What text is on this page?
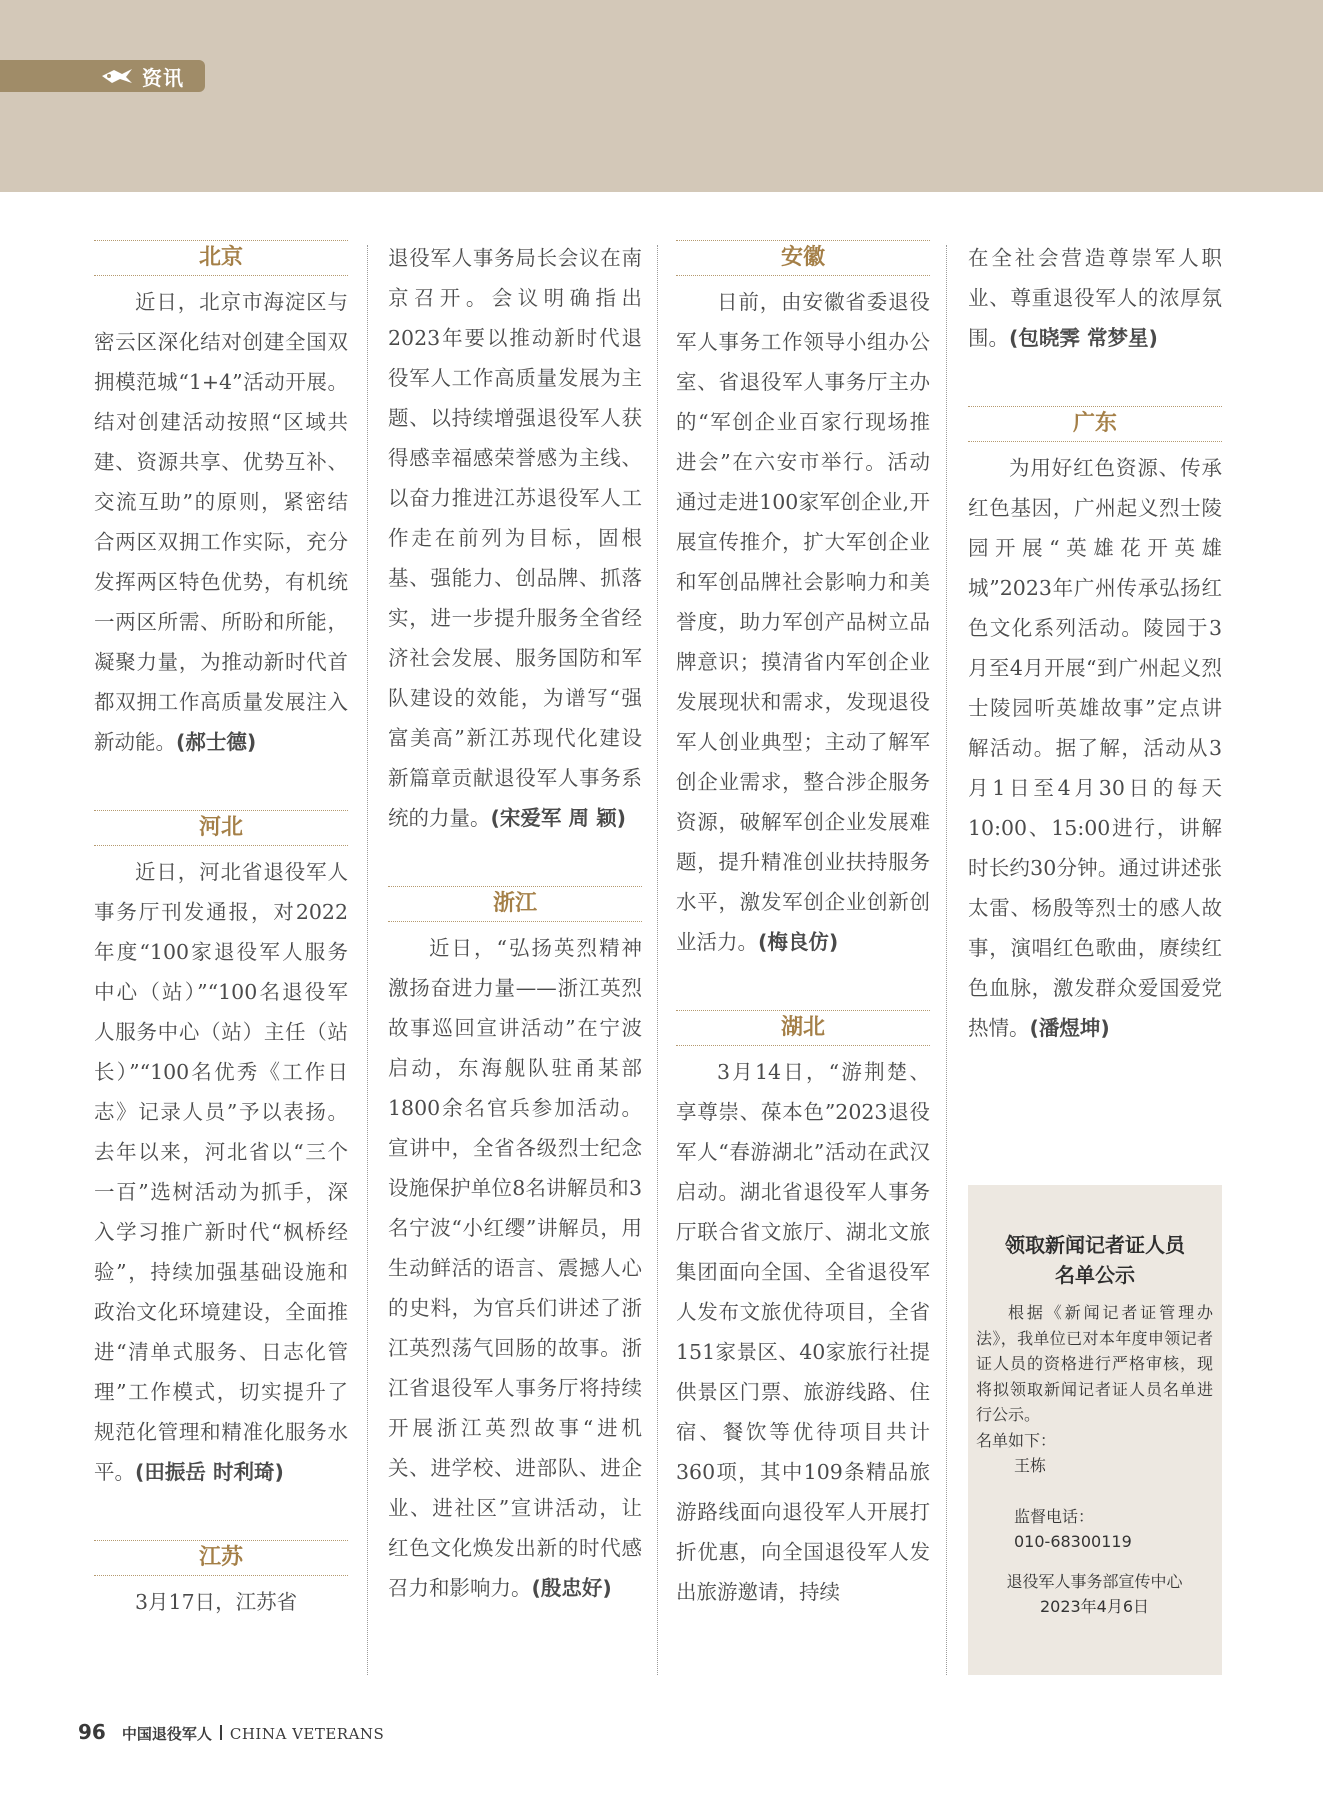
资讯
北京

近日，北京市海淀区与密云区深化结对创建全国双拥模范城“1+4”活动开展。结对创建活动按照“区域共建、资源共享、优势互补、交流互助”的原则，紧密结合两区双拥工作实际，充分发挥两区特色优势，有机统一两区所需、所盼和所能，凝聚力量，为推动新时代首都双拥工作高质量发展注入新动能。(郝士德)

河北

近日，河北省退役军人事务厅刊发通报，对2022年度“100家退役军人服务中心（站）”“100名退役军人服务中心（站）主任（站长）”“100名优秀《工作日志》记录人员”予以表扬。去年以来，河北省以“三个一百”选树活动为抓手，深入学习推广新时代“枫桥经验”，持续加强基础设施和政治文化环境建设，全面推进“清单式服务、日志化管理”工作模式，切实提升了规范化管理和精准化服务水平。(田振岳 时利琦)

江苏

3月17日，江苏省

退役军人事务局长会议在南京召开。会议明确指出2023年要以推动新时代退役军人工作高质量发展为主题、以持续增强退役军人获得感幸福感荣誉感为主线、以奋力推进江苏退役军人工作走在前列为目标，固根基、强能力、创品牌、抓落实，进一步提升服务全省经济社会发展、服务国防和军队建设的效能，为谱写“强富美高”新江苏现代化建设新篇章贡献退役军人事务系统的力量。(宋爱军 周 颖)

浙江

近日，“弘扬英烈精神 激扬奋进力量——浙江英烈故事巡回宣讲活动”在宁波启动，东海舰队驻甬某部1800余名官兵参加活动。宣讲中，全省各级烈士纪念设施保护单位8名讲解员和3名宁波“小红缨”讲解员，用生动鲜活的语言、震撼人心的史料，为官兵们讲述了浙江英烈荡气回肠的故事。浙江省退役军人事务厅将持续开展浙江英烈故事“进机关、进学校、进部队、进企业、进社区”宣讲活动，让红色文化焕发出新的时代感召力和影响力。(殷忠好)

安徽

日前，由安徽省委退役军人事务工作领导小组办公室、省退役军人事务厅主办的“军创企业百家行现场推进会”在六安市举行。活动通过走进100家军创企业,开展宣传推介，扩大军创企业和军创品牌社会影响力和美誉度，助力军创产品树立品牌意识；摸清省内军创企业发展现状和需求，发现退役军人创业典型；主动了解军创企业需求，整合涉企服务资源，破解军创企业发展难题，提升精准创业扶持服务水平，激发军创企业创新创业活力。(梅良仿)

湖北

3月14日，“游荆楚、享尊崇、葆本色”2023退役军人“春游湖北”活动在武汉启动。湖北省退役军人事务厅联合省文旅厅、湖北文旅集团面向全国、全省退役军人发布文旅优待项目，全省151家景区、40家旅行社提供景区门票、旅游线路、住宿、餐饮等优待项目共计360项，其中109条精品旅游路线面向退役军人开展打折优惠，向全国退役军人发出旅游邀请，持续

在全社会营造尊崇军人职业、尊重退役军人的浓厚氛围。(包晓霁 常梦星)

广东

为用好红色资源、传承红色基因，广州起义烈士陵园开展“英雄花开英雄城”2023年广州传承弘扬红色文化系列活动。陵园于3月至4月开展“到广州起义烈士陵园听英雄故事”定点讲解活动。据了解，活动从3月1日至4月30日的每天10:00、15:00进行，讲解时长约30分钟。通过讲述张太雷、杨殷等烈士的感人故事，演唱红色歌曲，赓续红色血脉，激发群众爱国爱党热情。(潘煜坤)

领取新闻记者证人员
名单公示
根据《新闻记者证管理办法》，我单位已对本年度申领记者证人员的资格进行严格审核，现将拟领取新闻记者证人员名单进行公示。
名单如下：
王栋
监督电话：
010-68300119
退役军人事务部宣传中心
2023年4月6日
96 中国退役军人 CHINA VETERANS
